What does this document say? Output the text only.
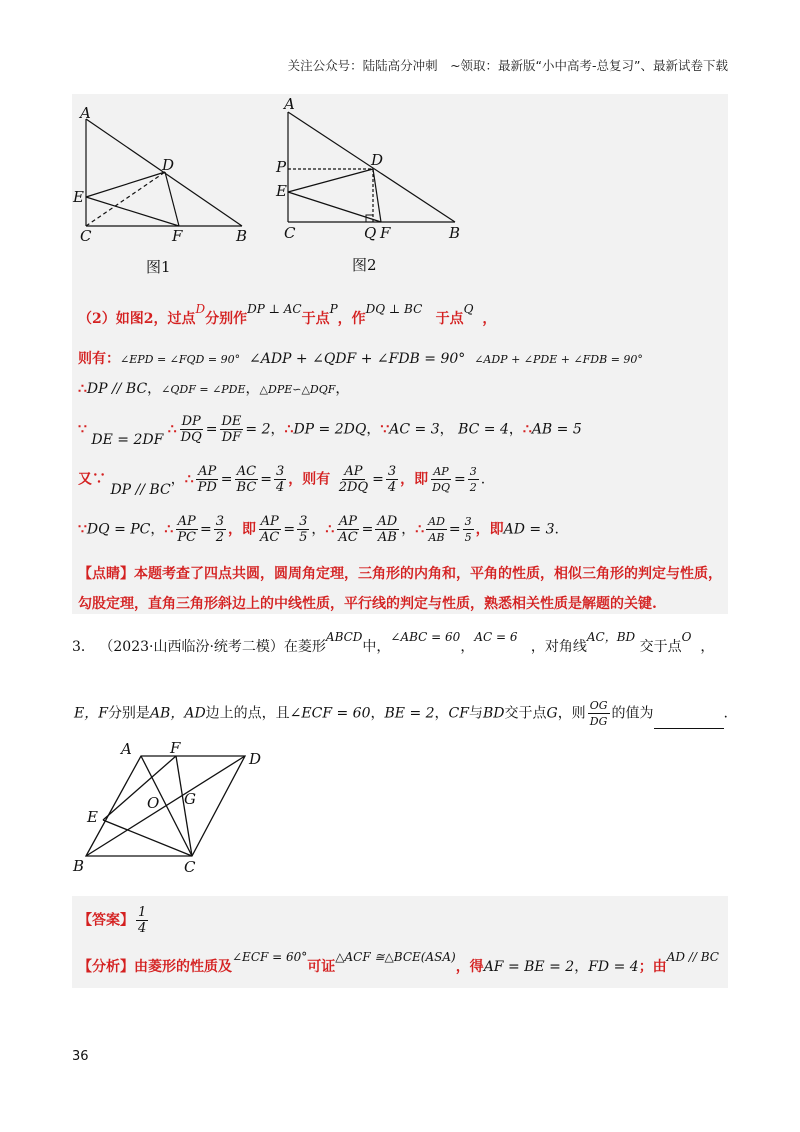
关注公众号：陆陆高分冲刺　~领取：最新版“小中高考-总复习”、最新试卷下载
A
D
E
C	F	B
图1
A
P	D
E
C	Q F	B
图2
（2）如图2，过点D分别作DP ⊥ AC于点P，作DQ ⊥ BC   于点Q  ，
则有：∠EPD = ∠FQD = 90° ∠ADP + ∠QDF + ∠FDB = 90° ∠ADP + ∠PDE + ∠FDB = 90°
∴DP // BC，∠QDF = ∠PDE，△DPE∽△DQF，
∵ DE = 2DF ∴ $\frac{DP}{DQ} = \frac{DE}{DF} = 2$，∴DP = 2DQ，∵AC = 3， BC = 4，∴AB = 5
又∵ DP // BC，∴ $\frac{AP}{PD} = \frac{AC}{BC} = \frac{3}{4}$ ，则有 $\frac{AP}{2DQ} = \frac{3}{4}$ ，即 $\frac{AP}{DQ} = \frac{3}{2}$ .
∵DQ = PC，∴ $\frac{AP}{PC} = \frac{3}{2}$ ，即 $\frac{AP}{AC} = \frac{3}{5}$ ，∴ $\frac{AP}{AC} = \frac{AD}{AB}$ ，∴ $\frac{AD}{AB} = \frac{3}{5}$ ，即AD = 3.
【点睛】本题考查了四点共圆，圆周角定理，三角形的内角和，平角的性质，相似三角形的判定与性质，
勾股定理，直角三角形斜边上的中线性质，平行线的判定与性质，熟悉相关性质是解题的关键.
3． （2023·山西临汾·统考二模）在菱形ABCD中，∠ABC = 60，AC = 6   ，对角线AC，BD 交于点O  ，
E，F分别是AB，AD边上的点，且∠ECF = 60，BE = 2，CF与BD交于点G，则 $\frac{OG}{DG}$ 的值为	.
A	F
D
E
O G
B	C
【答案】 $\frac{1}{4}$
【分析】由菱形的性质及∠ECF = 60°可证△ACF ≅△BCE(ASA)，得AF = BE = 2，FD = 4；由AD // BC
36
